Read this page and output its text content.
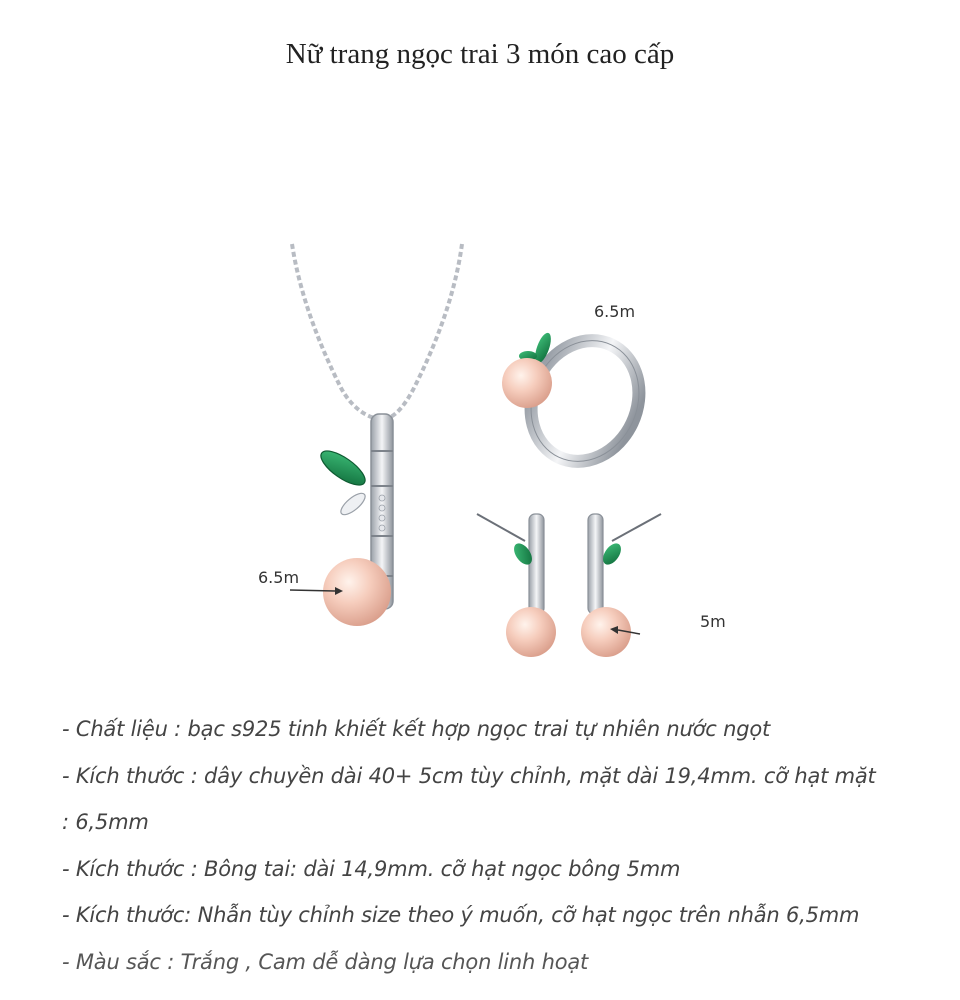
Nữ trang ngọc trai 3 món cao cấp
6.5m
6.5m
5m
- Chất liệu : bạc s925 tinh khiết kết hợp ngọc trai tự nhiên nước ngọt
- Kích thước : dây chuyền dài 40+ 5cm tùy chỉnh, mặt dài 19,4mm. cỡ hạt mặt : 6,5mm
- Kích thước : Bông tai: dài 14,9mm. cỡ hạt ngọc bông 5mm
- Kích thước: Nhẫn tùy chỉnh size theo ý muốn, cỡ hạt ngọc trên nhẫn 6,5mm
- Màu sắc : Trắng , Cam dễ dàng lựa chọn linh hoạt
